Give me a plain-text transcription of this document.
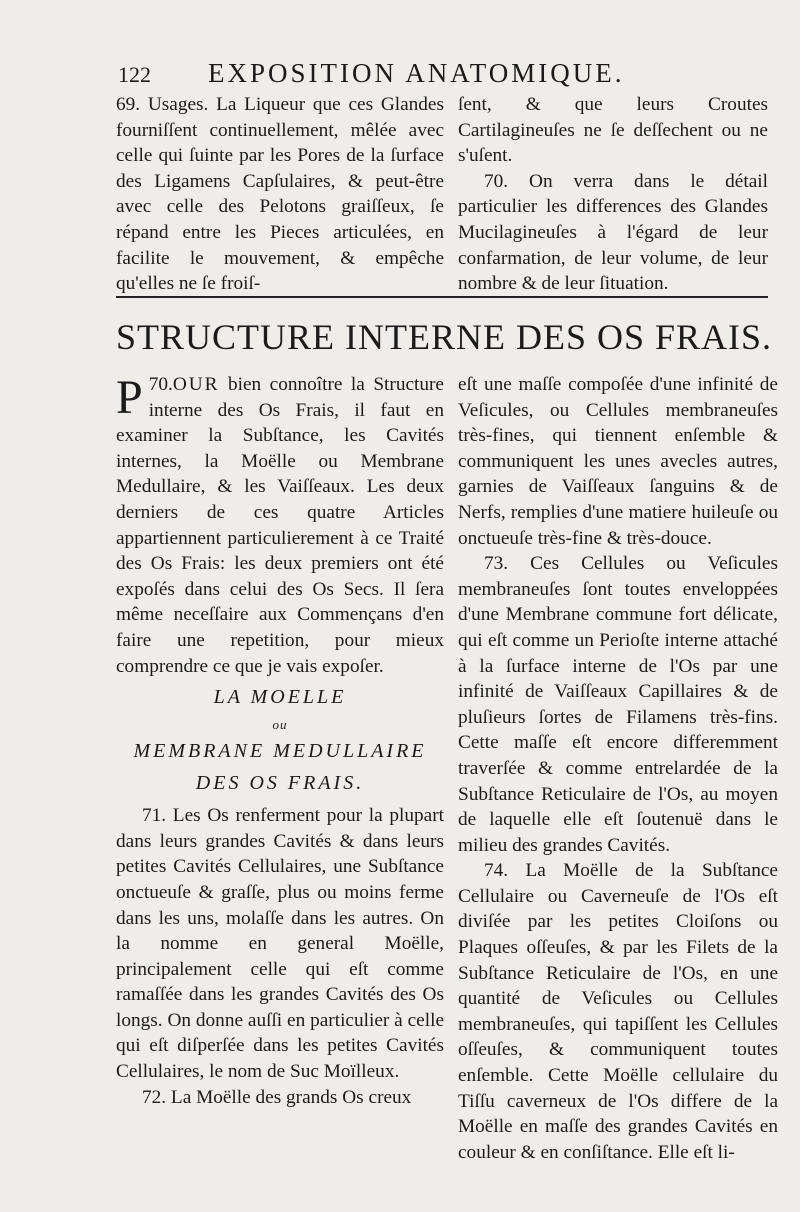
122 EXPOSITION ANATOMIQUE.

69. Usages. La Liqueur que ces Glandes fourniſſent continuellement, mêlée avec celle qui ſuinte par les Pores de la ſurface des Ligamens Capſulaires, & peut-être avec celle des Pelotons graiſſeux, ſe répand entre les Pieces articulées, en facilite le mouvement, & empêche qu'elles ne ſe froiſ-

ſent, & que leurs Croutes Cartilagineuſes ne ſe deſſechent ou ne s'uſent.

70. On verra dans le détail particulier les differences des Glandes Mucilagineuſes à l'égard de leur confarmation, de leur volume, de leur nombre & de leur ſituation.

STRUCTURE INTERNE DES OS FRAIS.

70.
P OUR bien connoître la Structure interne des Os Frais, il faut en examiner la Subſtance, les Cavités internes, la Moëlle ou Membrane Medullaire, & les Vaiſſeaux. Les deux derniers de ces quatre Articles appartiennent particulierement à ce Traité des Os Frais: les deux premiers ont été expoſés dans celui des Os Secs. Il ſera même neceſſaire aux Commençans d'en faire une repetition, pour mieux comprendre ce que je vais expoſer.

LA MOELLE
ou
MEMBRANE MEDULLAIRE
DES OS FRAIS.

71. Les Os renferment pour la plupart dans leurs grandes Cavités & dans leurs petites Cavités Cellulaires, une Subſtance onctueuſe & graſſe, plus ou moins ferme dans les uns, molaſſe dans les autres. On la nomme en general Moëlle, principalement celle qui eſt comme ramaſſée dans les grandes Cavités des Os longs. On donne auſſi en particulier à celle qui eſt diſperſée dans les petites Cavités Cellulaires, le nom de Suc Moïlleux.

72. La Moëlle des grands Os creux

eſt une maſſe compoſée d'une infinité de Veſicules, ou Cellules membraneuſes très-fines, qui tiennent enſemble & communiquent les unes avecles autres, garnies de Vaiſſeaux ſanguins & de Nerfs, remplies d'une matiere huileuſe ou onctueuſe très-fine & très-douce.

73. Ces Cellules ou Veſicules membraneuſes ſont toutes enveloppées d'une Membrane commune fort délicate, qui eſt comme un Perioſte interne attaché à la ſurface interne de l'Os par une infinité de Vaiſſeaux Capillaires & de pluſieurs ſortes de Filamens très-fins. Cette maſſe eſt encore differemment traverſée & comme entrelardée de la Subſtance Reticulaire de l'Os, au moyen de laquelle elle eſt ſoutenuë dans le milieu des grandes Cavités.

74. La Moëlle de la Subſtance Cellulaire ou Caverneuſe de l'Os eſt diviſée par les petites Cloiſons ou Plaques oſſeuſes, & par les Filets de la Subſtance Reticulaire de l'Os, en une quantité de Veſicules ou Cellules membraneuſes, qui tapiſſent les Cellules oſſeuſes, & communiquent toutes enſemble. Cette Moëlle cellulaire du Tiſſu caverneux de l'Os differe de la Moëlle en maſſe des grandes Cavités en couleur & en conſiſtance. Elle eſt li-
